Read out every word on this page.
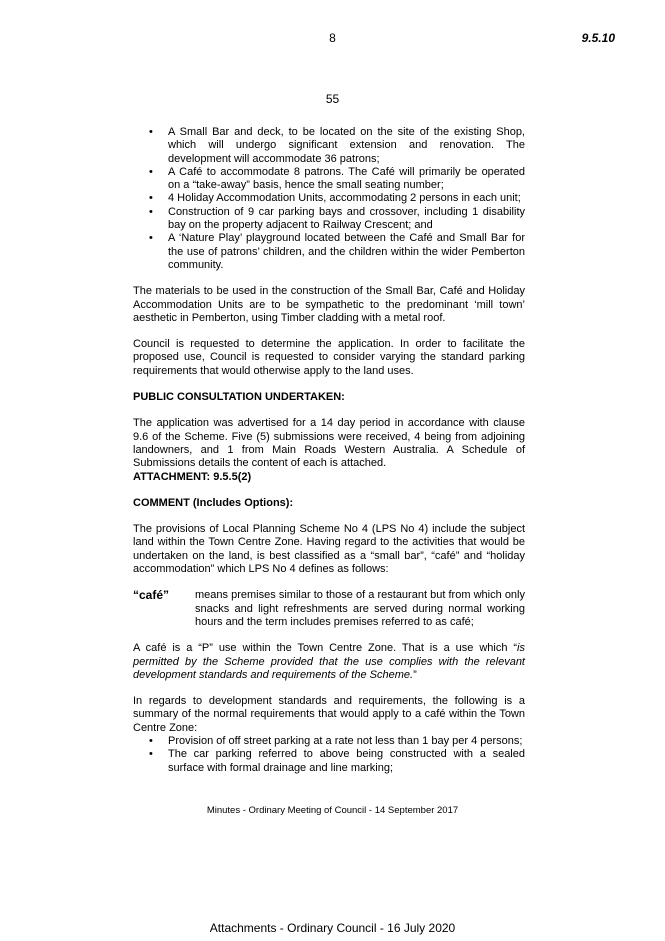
8	9.5.10
55
• A Small Bar and deck, to be located on the site of the existing Shop, which will undergo significant extension and renovation. The development will accommodate 36 patrons;
• A Café to accommodate 8 patrons. The Café will primarily be operated on a “take-away” basis, hence the small seating number;
• 4 Holiday Accommodation Units, accommodating 2 persons in each unit;
• Construction of 9 car parking bays and crossover, including 1 disability bay on the property adjacent to Railway Crescent; and
• A ‘Nature Play’ playground located between the Café and Small Bar for the use of patrons’ children, and the children within the wider Pemberton community.

The materials to be used in the construction of the Small Bar, Café and Holiday Accommodation Units are to be sympathetic to the predominant ‘mill town’ aesthetic in Pemberton, using Timber cladding with a metal roof.

Council is requested to determine the application. In order to facilitate the proposed use, Council is requested to consider varying the standard parking requirements that would otherwise apply to the land uses.

PUBLIC CONSULTATION UNDERTAKEN:

The application was advertised for a 14 day period in accordance with clause 9.6 of the Scheme. Five (5) submissions were received, 4 being from adjoining landowners, and 1 from Main Roads Western Australia. A Schedule of Submissions details the content of each is attached.

ATTACHMENT: 9.5.5(2)

COMMENT (Includes Options):

The provisions of Local Planning Scheme No 4 (LPS No 4) include the subject land within the Town Centre Zone. Having regard to the activities that would be undertaken on the land, is best classified as a “small bar”, “café” and “holiday accommodation” which LPS No 4 defines as follows:

“café”	means premises similar to those of a restaurant but from which only snacks and light refreshments are served during normal working hours and the term includes premises referred to as café;

A café is a “P” use within the Town Centre Zone. That is a use which “is permitted by the Scheme provided that the use complies with the relevant development standards and requirements of the Scheme.”

In regards to development standards and requirements, the following is a summary of the normal requirements that would apply to a café within the Town Centre Zone:

• Provision of off street parking at a rate not less than 1 bay per 4 persons;
• The car parking referred to above being constructed with a sealed surface with formal drainage and line marking;
Minutes - Ordinary Meeting of Council - 14 September 2017
Attachments - Ordinary Council - 16 July 2020
